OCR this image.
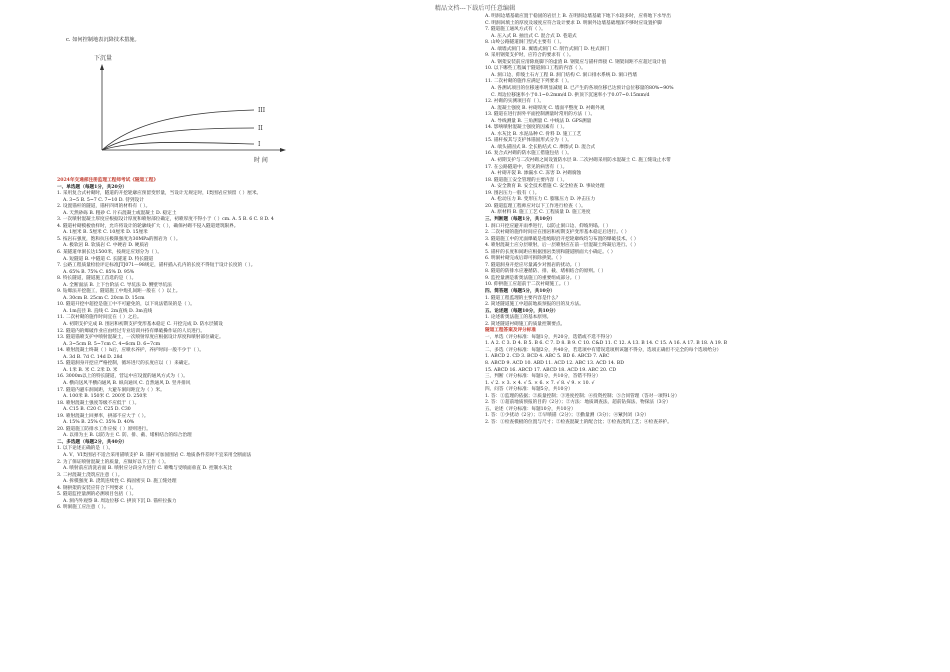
精品文档---下载后可任意编辑
c. 如何控制地表沉降技术措施。
下沉量
III
II
I
时 间
2024年交通部注册监理工程师考试《隧道工程》
一、单选题（每题1分，共20分）
1. 采用复合式衬砌时，隧道的开挖轮廓应预留变形量，当设计无规定时，Ⅰ类围岩应预留（ ）厘米。
A. 3~5 B. 5~7 C. 7~10 D. 待到设计
2. 设置锚杆的隧道，锚杆四周的材料有（ ）。
A. 天然砂砾 B. 粗砂 C. 片石混凝土或混凝土 D. 稳定土
3. 一次喷射混凝土厚度应根据设计厚度和喷射部位确定，初喷厚度不得小于（ ）cm. A. 5 B. 6 C. 8 D. 4
4. 隧道衬砌模板放样时，允许将设计的轮廓线扩大（ ），确保衬砌不侵入隧道建筑限界。
A. 1厘米 B. 5厘米 C. 10厘米 D. 15厘米
5. 按岩石强度，饱和抗压极限强度为30MPa的围岩为（ ）。
A. 极软岩 B. 软质岩 C. 中硬岩 D. 硬质岩
6. 某隧道单洞长达1500米，按规定应划分为（ ）。
A. 短隧道 B. 中隧道 C. 长隧道 D. 特长隧道
7. 公路工程质量检验评定标准JTJ071—98规定，锚杆插入孔内的长度不得短于设计长度的（ ）。
A. 65% B. 75% C. 85% D. 95%
8. 特长隧道，隧道施工首选的是（ ）。
A. 全断面法 B. 上下台阶法 C. 导坑法 D. 侧壁导坑法
9. 钻爆法开挖施工，隧道施工中炮孔间距一般在（ ）以上。
A. 30cm B. 25cm C. 20cm D. 15cm
10. 隧道开挖中超挖是施工中不可避免的，以下说法错误的是（ ）。
A. 1m直径 B. 直线 C. 2m直线 D. 3m直线
11. 二次衬砌的施作时间宜在（ ）之后。
A. 初期支护完成 B. 围岩和初期支护变形基本稳定 C. 开挖完成 D. 防水层铺设
12. 隧道内的爆破作业应由经过专业培训并持有爆破操作证的人员进行。
13. 隧道锚喷支护中喷射混凝土，一次喷射厚度应根据设计厚度和喷射部位确定。
A. 3~5cm B. 5~7cm C. 4~6cm D. 6~7cm
14. 喷射混凝土终凝（ ）h后，应喷水养护，养护时间一般不少于（ ）。
A. 3d B. 7d C. 14d D. 28d
15. 隧道洞身开挖应严格控制，循环进尺的长度应以（ ）来确定。
A. 1米 B. 米 C. 2米 D. 米
16. 3000m以上的特长隧道，营运中应设置的通风方式为（ ）。
A. 横向送风半横向通风 B. 纵向通风 C. 自然通风 D. 竖井排风
17. 隧道内避车洞间距，大避车洞间距宜为（ ）米。
A. 100米 B. 150米 C. 200米 D. 250米
18. 喷射混凝土强度等级不应低于（ ）。
A. C15 B. C20 C. C25 D. C30
19. 喷射混凝土回弹率，拱部不应大于（ ）。
A. 15% B. 25% C. 35% D. 40%
20. 隧道施工防排水工作应按（ ）原则进行。
A. 以排为主 B. 以防为主 C. 防、排、截、堵相结合的综合治理
二、多选题（每题2分，共40分）
1. 以下论述正确的是（ ）。
A. V、VI类围岩不适合采用锚喷支护 B. 锚杆可加固围岩 C. 地质条件差时不宜采用全断面法
2. 为了保证喷射混凝土的质量，应做好以下工作（ ）。
A. 喷射前应清洗岩面 B. 喷射应分段分片进行 C. 喷嘴与受喷面垂直 D. 控制水灰比
3. 二衬混凝土浇筑应注意（ ）。
A. 拆模强度 B. 浇筑连续性 C. 捣固密实 D. 施工缝处理
4. 钢拱架的安装应符合下列要求（ ）。
5. 隧道监控量测的必测项目包括（ ）。
A. 洞内外观察 B. 周边位移 C. 拱顶下沉 D. 锚杆拉拔力
6. 明洞施工应注意（ ）。
A. 明洞边墙基础应置于稳固的岩层上 B. 在明洞边墙基础下地下水较多时，应将地下水导出
C. 明洞回填土的厚度及坡度应符合设计要求 D. 明洞外边墙基础埋深不够时应设置护脚
7. 隧道施工通风方式有（ ）。
A. 压入式 B. 抽出式 C. 混合式 D. 巷道式
8. 山岭公路隧道洞门型式主要有（ ）。
A. 端墙式洞门 B. 翼墙式洞门 C. 削竹式洞门 D. 柱式洞门
9. 采用钢架支护时，应符合的要求有（ ）。
A. 钢架安装前应清除底脚下的虚渣 B. 钢架应与锚杆焊接 C. 钢架间距不应超过设计值
10. 以下哪些工程属于隧道洞口工程的内容（ ）。
A. 洞口边、仰坡土石方工程 B. 洞门结构 C. 洞口排水系统 D. 洞口挡墙
11. 二次衬砌的施作应满足下列要求（ ）。
A. 各测试项目的位移速率明显减缓 B. 已产生的各项位移已达预计总位移量的80%~90%
C. 周边位移速率小于0.1~0.2mm/d D. 拱顶下沉速率小于0.07~0.15mm/d
12. 衬砌的实测项目有（ ）。
A. 混凝土强度 B. 衬砌厚度 C. 墙面平整度 D. 衬砌外观
13. 隧道在进行洞外平面控制测量时常用的方法（ ）。
A. 导线测量 B. 三角测量 C. 中线法 D. GPS测量
14. 影响喷射混凝土强度的因素有（ ）。
A. 水灰比 B. 水泥品种 C. 骨料 D. 施工工艺
15. 锚杆按其与支护体锚固形式分为（ ）。
A. 端头锚固式 B. 全长粘结式 C. 摩擦式 D. 混合式
16. 复合式衬砌的防水施工措施包括（ ）。
A. 初期支护与二次衬砌之间设置防水层 B. 二次衬砌采用防水混凝土 C. 施工缝设止水带
17. 在公路隧道中，常见的病害有（ ）。
A. 衬砌开裂 B. 渗漏水 C. 冻害 D. 衬砌腐蚀
18. 隧道施工安全管理的主要内容（ ）。
A. 安全教育 B. 安全技术措施 C. 安全检查 D. 事故处理
19. 围岩压力一般有（ ）。
A. 松动压力 B. 变形压力 C. 膨胀压力 D. 冲击压力
20. 隧道监理工程师应对以下工作进行检查（ ）。
A. 原材料 B. 施工工艺 C. 工程质量 D. 施工进度
三、判断题（每题1分，共10分）
1. 洞口开挖应避开雨季进行，以防止洞口边、仰坡坍塌。（ ）
2. 二次衬砌的施作时间应在围岩和初期支护变形基本稳定后进行。（ ）
3. 隧道施工中的光面爆破是指炮眼沿开挖轮廓线均匀布置的爆破技术。（ ）
4. 喷射混凝土应分层喷射，后一层喷射应在前一层混凝土终凝后进行。（ ）
5. 锚杆的长度和间距应根据围岩类别和隧道断面大小确定。（ ）
6. 明洞衬砌完成后即可拆除拱架。（ ）
7. 隧道洞身开挖应尽量减少对围岩的扰动。（ ）
8. 隧道的防排水应遵循防、排、截、堵相结合的原则。（ ）
9. 监控量测是新奥法施工的重要组成部分。（ ）
10. 仰拱施工应超前于二次衬砌施工。（ ）
四、简答题（每题5分，共10分）
1. 隧道工程监理的主要内容是什么？
2. 简述隧道施工中超前地质预报的目的及方法。
五、论述题（每题10分，共10分）
1. 论述新奥法施工的基本原则。
2. 简述隧道衬砌施工的质量控制要点。
隧道工程答案及评分标准
一、单选（评分标准：每题1分，共20分，选错或不选不得分）
1. A 2. C 3. D 4. B 5. B 6. C 7. D 8. B 9. C 10. C&D 11. C 12. A 13. B 14. C 15. A 16. A 17. B 18. A 19. B
二、多选（评分标准：每题2分，共40分，若选项中有错误选项则该题不得分，选项正确但不完全的每个选项给分）
1. ABCD 2. CD 3. BCD 4. ABC 5. BD 6. ABCD 7. ABC
8. ABCD 9. ACD 10. ABD 11. ACD 12. ABC 13. ACD 14. BD
15. ABCD 16. ABCD 17. ABCD 18. ACD 19. ABC 20. CD
三、判断（评分标准：每题1分，共10分，答错不得分）
1. √ 2. × 3. × 4. √ 5. × 6. × 7. √ 8. √ 9. × 10. √
四、问答（评分标准：每题5分，共10分）
1. 答：①监理的依据；②质量控制；③进度控制；④投资控制；⑤合同管理（答对一项得1分）
2. 答：①超前地质预报的目的（2分）；②方法：地质调查法、超前钻探法、物探法（3分）
五、论述（评分标准：每题10分，共10分）
1. 答：①少扰动（2分）；②早喷锚（2分）；③勤量测（3分）；④紧封闭（3分）
2. 答：①检查模板的位置与尺寸；②检查混凝土的配合比；③检查浇筑工艺；④检查养护。
